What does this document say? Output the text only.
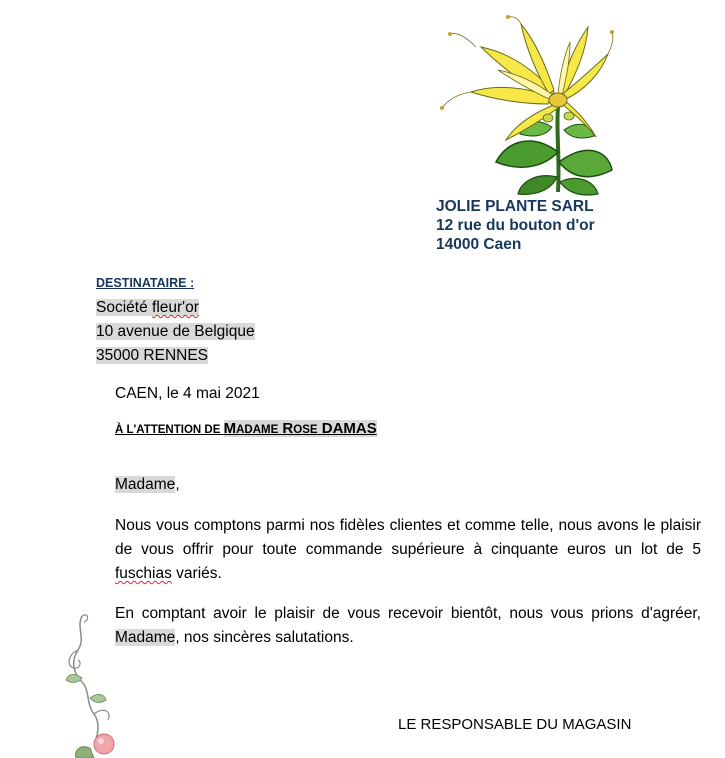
JOLIE PLANTE SARL
12 rue du bouton d'or
14000 Caen
DESTINATAIRE :
Société fleur'or
10 avenue de Belgique
35000 RENNES
CAEN, le 4 mai 2021
À L'ATTENTION DE MADAME ROSE DAMAS
Madame,
Nous vous comptons parmi nos fidèles clientes et comme telle, nous avons le plaisir de vous offrir pour toute commande supérieure à cinquante euros un lot de 5 fuschias variés.
En comptant avoir le plaisir de vous recevoir bientôt, nous vous prions d'agréer, Madame, nos sincères salutations.
LE RESPONSABLE DU MAGASIN
